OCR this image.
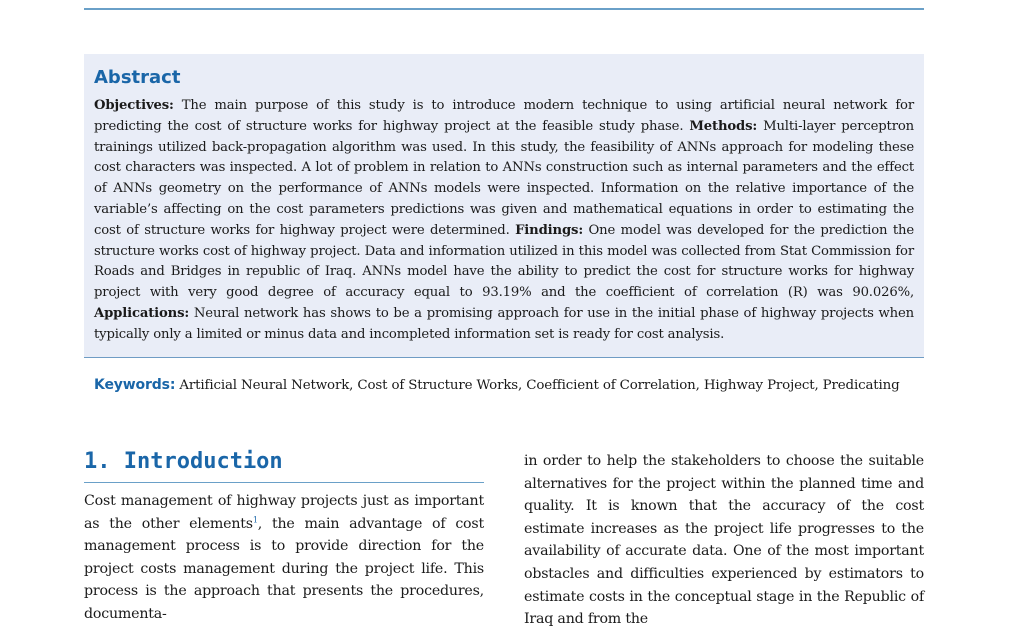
Abstract

Objectives: The main purpose of this study is to introduce modern technique to using artificial neural network for predicting the cost of structure works for highway project at the feasible study phase. Methods: Multi-layer perceptron trainings utilized back-propagation algorithm was used. In this study, the feasibility of ANNs approach for modeling these cost characters was inspected. A lot of problem in relation to ANNs construction such as internal parameters and the effect of ANNs geometry on the performance of ANNs models were inspected. Information on the relative importance of the variable’s affecting on the cost parameters predictions was given and mathematical equations in order to estimating the cost of structure works for highway project were determined. Findings: One model was developed for the prediction the structure works cost of highway project. Data and information utilized in this model was collected from Stat Commission for Roads and Bridges in republic of Iraq. ANNs model have the ability to predict the cost for structure works for highway project with very good degree of accuracy equal to 93.19% and the coefficient of correlation (R) was 90.026%, Applications: Neural network has shows to be a promising approach for use in the initial phase of highway projects when typically only a limited or minus data and incompleted information set is ready for cost analysis.

Keywords: Artificial Neural Network, Cost of Structure Works, Coefficient of Correlation, Highway Project, Predicating
1. Introduction

Cost management of highway projects just as important as the other elements$^1$, the main advantage of cost management process is to provide direction for the project costs management during the project life. This process is the approach that presents the procedures, documenta-

in order to help the stakeholders to choose the suitable alternatives for the project within the planned time and quality. It is known that the accuracy of the cost estimate increases as the project life progresses to the availability of accurate data. One of the most important obstacles and difficulties experienced by estimators to estimate costs in the conceptual stage in the Republic of Iraq and from the
